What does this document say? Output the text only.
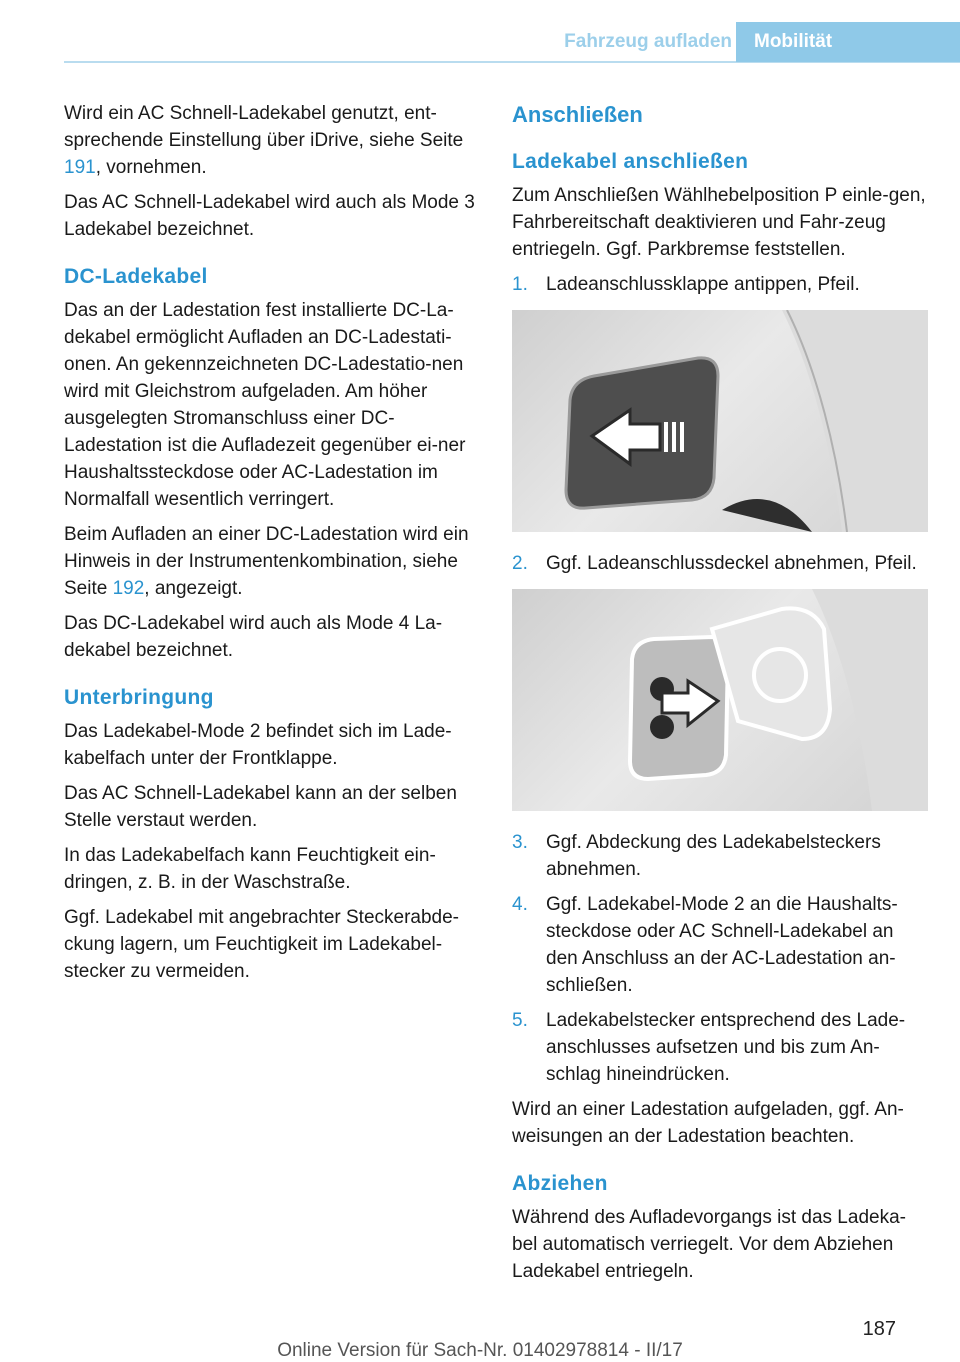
Fahrzeug aufladen	Mobilität

Wird ein AC Schnell-Ladekabel genutzt, ent-sprechende Einstellung über iDrive, siehe Seite 191, vornehmen.

Das AC Schnell-Ladekabel wird auch als Mode 3 Ladekabel bezeichnet.

DC-Ladekabel

Das an der Ladestation fest installierte DC-La-dekabel ermöglicht Aufladen an DC-Ladestati-onen. An gekennzeichneten DC-Ladestatio-nen wird mit Gleichstrom aufgeladen. Am höher ausgelegten Stromanschluss einer DC-Ladestation ist die Aufladezeit gegenüber ei-ner Haushaltssteckdose oder AC-Ladestation im Normalfall wesentlich verringert.

Beim Aufladen an einer DC-Ladestation wird ein Hinweis in der Instrumentenkombination, siehe Seite 192, angezeigt.

Das DC-Ladekabel wird auch als Mode 4 La-dekabel bezeichnet.

Unterbringung

Das Ladekabel-Mode 2 befindet sich im Lade-kabelfach unter der Frontklappe.

Das AC Schnell-Ladekabel kann an der selben Stelle verstaut werden.

In das Ladekabelfach kann Feuchtigkeit ein-dringen, z. B. in der Waschstraße.

Ggf. Ladekabel mit angebrachter Steckerabde-ckung lagern, um Feuchtigkeit im Ladekabel-stecker zu vermeiden.

Anschließen
Ladekabel anschließen

Zum Anschließen Wählhebelposition P einle-gen, Fahrbereitschaft deaktivieren und Fahr-zeug entriegeln. Ggf. Parkbremse feststellen.

1. Ladeanschlussklappe antippen, Pfeil.
2. Ggf. Ladeanschlussdeckel abnehmen, Pfeil.
3. Ggf. Abdeckung des Ladekabelsteckers abnehmen.
4. Ggf. Ladekabel-Mode 2 an die Haushalts-steckdose oder AC Schnell-Ladekabel an den Anschluss an der AC-Ladestation an-schließen.
5. Ladekabelstecker entsprechend des Lade-anschlusses aufsetzen und bis zum An-schlag hineindrücken.

Wird an einer Ladestation aufgeladen, ggf. An-weisungen an der Ladestation beachten.

Abziehen

Während des Aufladevorgangs ist das Ladeka-bel automatisch verriegelt. Vor dem Abziehen Ladekabel entriegeln.

187
Online Version für Sach-Nr. 01402978814 - II/17
